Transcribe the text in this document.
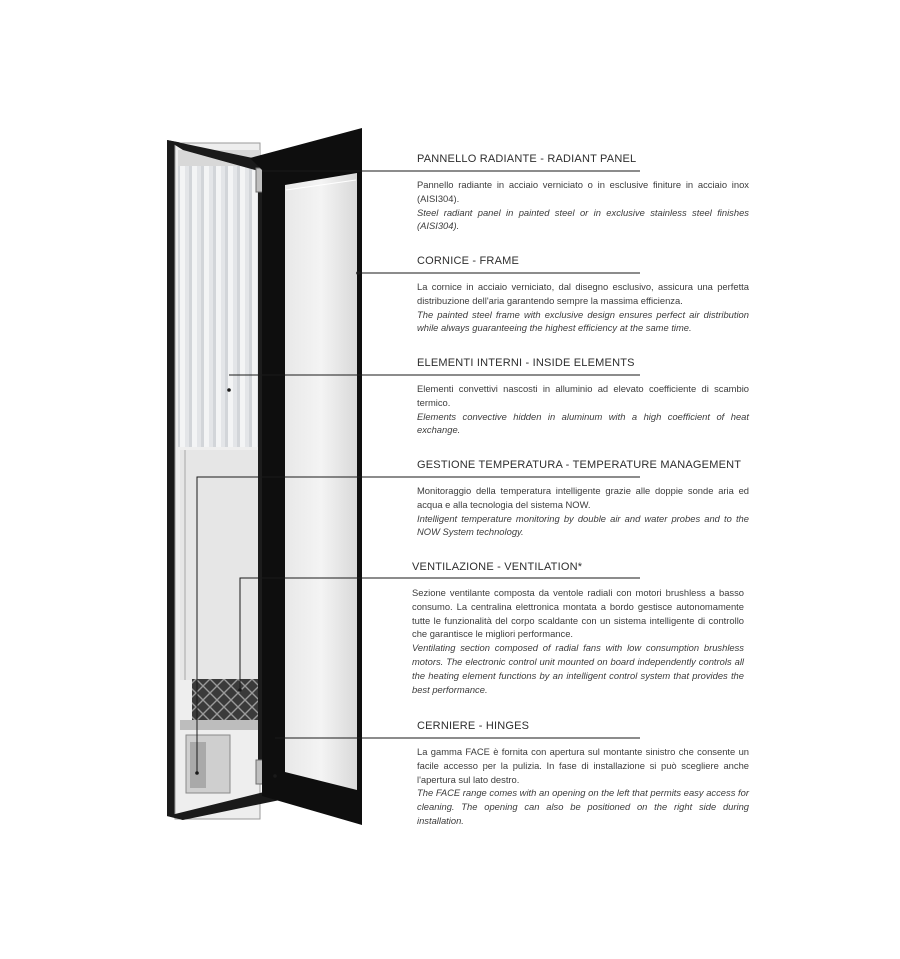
PANNELLO RADIANTE - RADIANT PANEL
Pannello radiante in acciaio verniciato o in esclusive finiture in acciaio inox (AISI304).
Steel radiant panel in painted steel or in exclusive stainless steel finishes (AISI304).
CORNICE - FRAME
La cornice in acciaio verniciato, dal disegno esclusivo, assicura una perfetta distribuzione dell'aria garantendo sempre la massima efficienza.
The painted steel frame with exclusive design ensures perfect air distribution while always guaranteeing the highest efficiency at the same time.
ELEMENTI INTERNI - INSIDE ELEMENTS
Elementi convettivi nascosti in alluminio ad elevato coefficiente di scambio termico.
Elements convective hidden in aluminum with a high coefficient of heat exchange.
GESTIONE TEMPERATURA - TEMPERATURE MANAGEMENT
Monitoraggio della temperatura intelligente grazie alle doppie sonde aria ed acqua e alla tecnologia del sistema NOW.
Intelligent temperature monitoring by double air and water probes and to the NOW System technology.
VENTILAZIONE - VENTILATION*
Sezione ventilante composta da ventole radiali con motori brushless a basso consumo. La centralina elettronica montata a bordo gestisce autonomamente tutte le funzionalità del corpo scaldante con un sistema intelligente di controllo che garantisce le migliori performance.
Ventilating section composed of radial fans with low consumption brushless motors. The electronic control unit mounted on board independently controls all the heating element functions by an intelligent control system that provides the best performance.
CERNIERE - HINGES
La gamma FACE è fornita con apertura sul montante sinistro che consente un facile accesso per la pulizia. In fase di installazione si può scegliere anche l'apertura sul lato destro.
The FACE range comes with an opening on the left that permits easy access for cleaning. The opening can also be positioned on the right side during installation.
